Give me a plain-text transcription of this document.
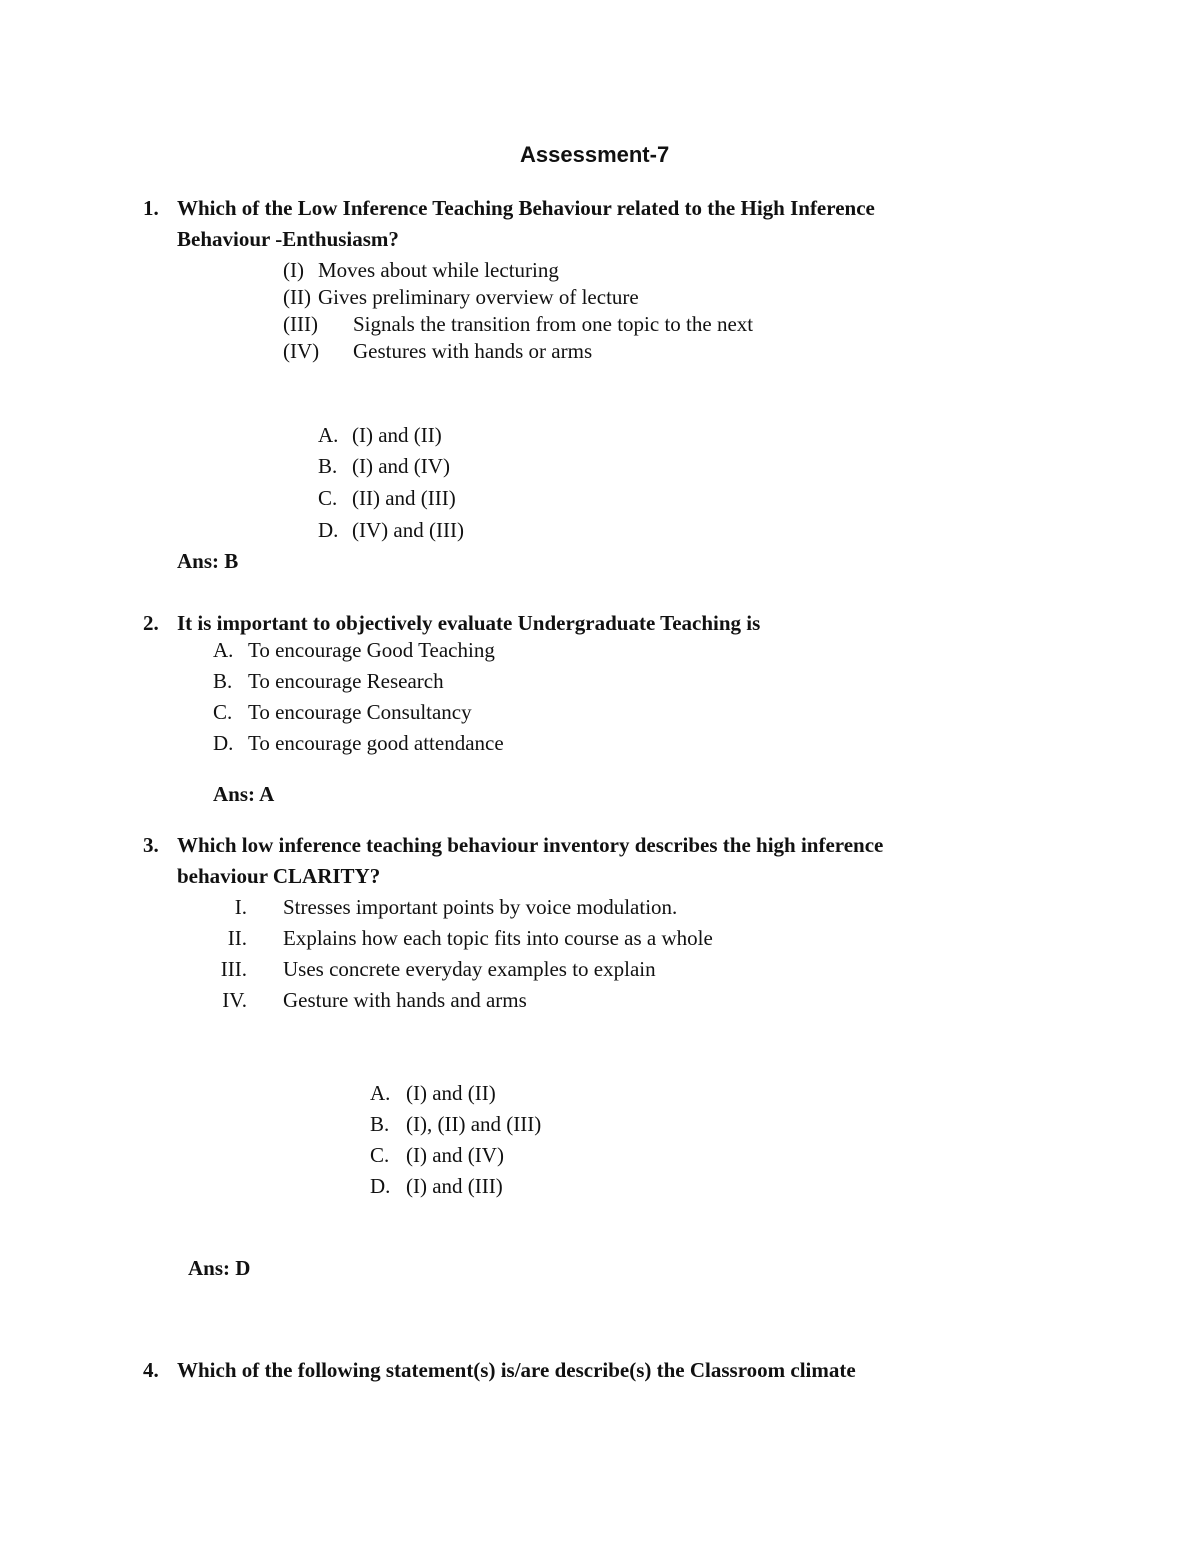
Assessment-7
1. Which of the Low Inference Teaching Behaviour related to the High Inference
Behaviour -Enthusiasm?
(I) Moves about while lecturing
(II) Gives preliminary overview of lecture
(III) Signals the transition from one topic to the next
(IV) Gestures with hands or arms
A. (I) and (II)
B. (I) and (IV)
C. (II) and (III)
D. (IV) and (III)
Ans: B
2. It is important to objectively evaluate Undergraduate Teaching is
A. To encourage Good Teaching
B. To encourage Research
C. To encourage Consultancy
D. To encourage good attendance
Ans: A
3. Which low inference teaching behaviour inventory describes the high inference
behaviour CLARITY?
I. Stresses important points by voice modulation.
II. Explains how each topic fits into course as a whole
III. Uses concrete everyday examples to explain
IV. Gesture with hands and arms
A. (I) and (II)
B. (I), (II) and (III)
C. (I) and (IV)
D. (I) and (III)
Ans: D
4. Which of the following statement(s) is/are describe(s) the Classroom climate
